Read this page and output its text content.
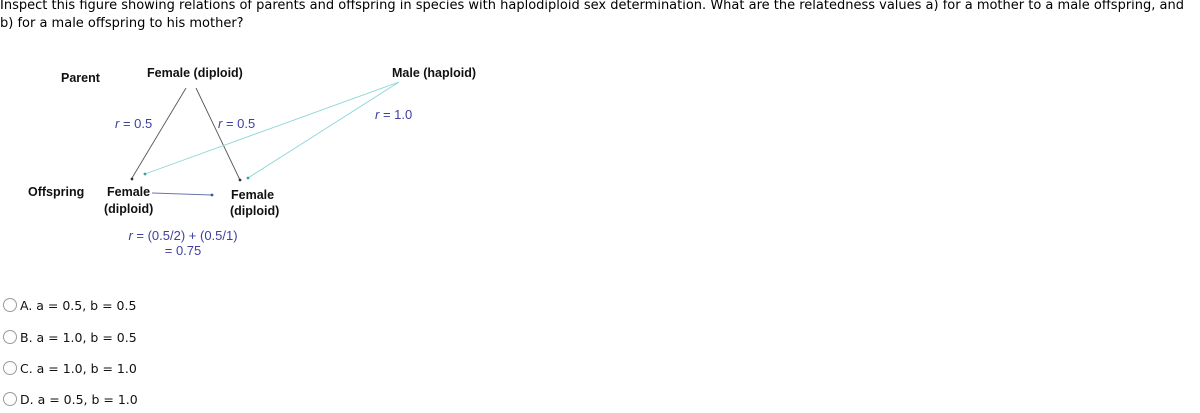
Inspect this figure showing relations of parents and offspring in species with haplodiploid sex determination. What are the relatedness values a) for a mother to a male offspring, and b) for a male offspring to his mother?
Parent	Female (diploid)	Male (haploid)
r = 0.5	r = 0.5
r = 1.0
Offspring Female
(diploid)
Female
(diploid)
r = (0.5/2) + (0.5/1)
= 0.75
A. a = 0.5, b = 0.5
B. a = 1.0, b = 0.5
C. a = 1.0, b = 1.0
D. a = 0.5, b = 1.0
